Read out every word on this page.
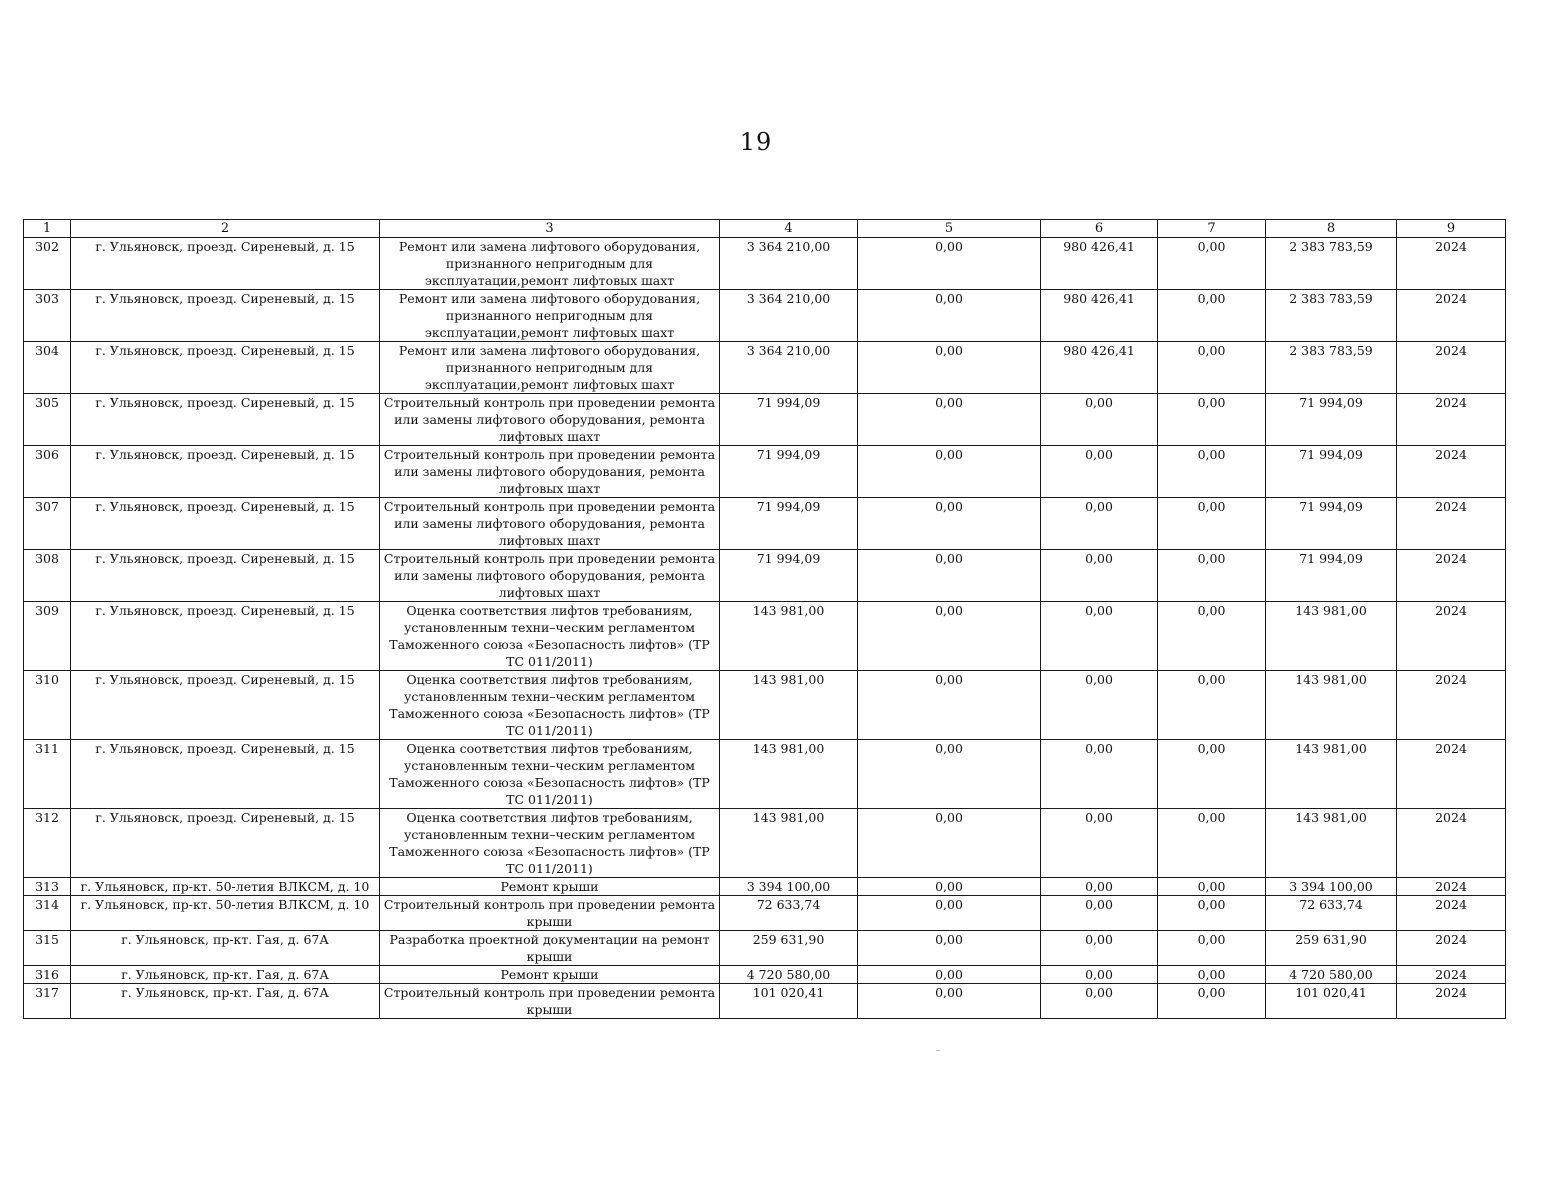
19
1	2	3	4	5	6	7	8	9
302	г. Ульяновск, проезд. Сиреневый, д. 15	Ремонт или замена лифтового оборудования, признанного непригодным для эксплуатации,ремонт лифтовых шахт	3 364 210,00	0,00	980 426,41	0,00	2 383 783,59	2024
303	г. Ульяновск, проезд. Сиреневый, д. 15	Ремонт или замена лифтового оборудования, признанного непригодным для эксплуатации,ремонт лифтовых шахт	3 364 210,00	0,00	980 426,41	0,00	2 383 783,59	2024
304	г. Ульяновск, проезд. Сиреневый, д. 15	Ремонт или замена лифтового оборудования, признанного непригодным для эксплуатации,ремонт лифтовых шахт	3 364 210,00	0,00	980 426,41	0,00	2 383 783,59	2024
305	г. Ульяновск, проезд. Сиреневый, д. 15	Строительный контроль при проведении ремонта или замены лифтового оборудования, ремонта лифтовых шахт	71 994,09	0,00	0,00	0,00	71 994,09	2024
306	г. Ульяновск, проезд. Сиреневый, д. 15	Строительный контроль при проведении ремонта или замены лифтового оборудования, ремонта лифтовых шахт	71 994,09	0,00	0,00	0,00	71 994,09	2024
307	г. Ульяновск, проезд. Сиреневый, д. 15	Строительный контроль при проведении ремонта или замены лифтового оборудования, ремонта лифтовых шахт	71 994,09	0,00	0,00	0,00	71 994,09	2024
308	г. Ульяновск, проезд. Сиреневый, д. 15	Строительный контроль при проведении ремонта или замены лифтового оборудования, ремонта лифтовых шахт	71 994,09	0,00	0,00	0,00	71 994,09	2024
309	г. Ульяновск, проезд. Сиреневый, д. 15	Оценка соответствия лифтов требованиям, установленным техни–ческим регламентом Таможенного союза «Безопасность лифтов» (ТР ТС 011/2011)	143 981,00	0,00	0,00	0,00	143 981,00	2024
310	г. Ульяновск, проезд. Сиреневый, д. 15	Оценка соответствия лифтов требованиям, установленным техни–ческим регламентом Таможенного союза «Безопасность лифтов» (ТР ТС 011/2011)	143 981,00	0,00	0,00	0,00	143 981,00	2024
311	г. Ульяновск, проезд. Сиреневый, д. 15	Оценка соответствия лифтов требованиям, установленным техни–ческим регламентом Таможенного союза «Безопасность лифтов» (ТР ТС 011/2011)	143 981,00	0,00	0,00	0,00	143 981,00	2024
312	г. Ульяновск, проезд. Сиреневый, д. 15	Оценка соответствия лифтов требованиям, установленным техни–ческим регламентом Таможенного союза «Безопасность лифтов» (ТР ТС 011/2011)	143 981,00	0,00	0,00	0,00	143 981,00	2024
313	г. Ульяновск, пр-кт. 50-летия ВЛКСМ, д. 10	Ремонт крыши	3 394 100,00	0,00	0,00	0,00	3 394 100,00	2024
314	г. Ульяновск, пр-кт. 50-летия ВЛКСМ, д. 10	Строительный контроль при проведении ремонта крыши	72 633,74	0,00	0,00	0,00	72 633,74	2024
315	г. Ульяновск, пр-кт. Гая, д. 67А	Разработка проектной документации на ремонт крыши	259 631,90	0,00	0,00	0,00	259 631,90	2024
316	г. Ульяновск, пр-кт. Гая, д. 67А	Ремонт крыши	4 720 580,00	0,00	0,00	0,00	4 720 580,00	2024
317	г. Ульяновск, пр-кт. Гая, д. 67А	Строительный контроль при проведении ремонта крыши	101 020,41	0,00	0,00	0,00	101 020,41	2024
